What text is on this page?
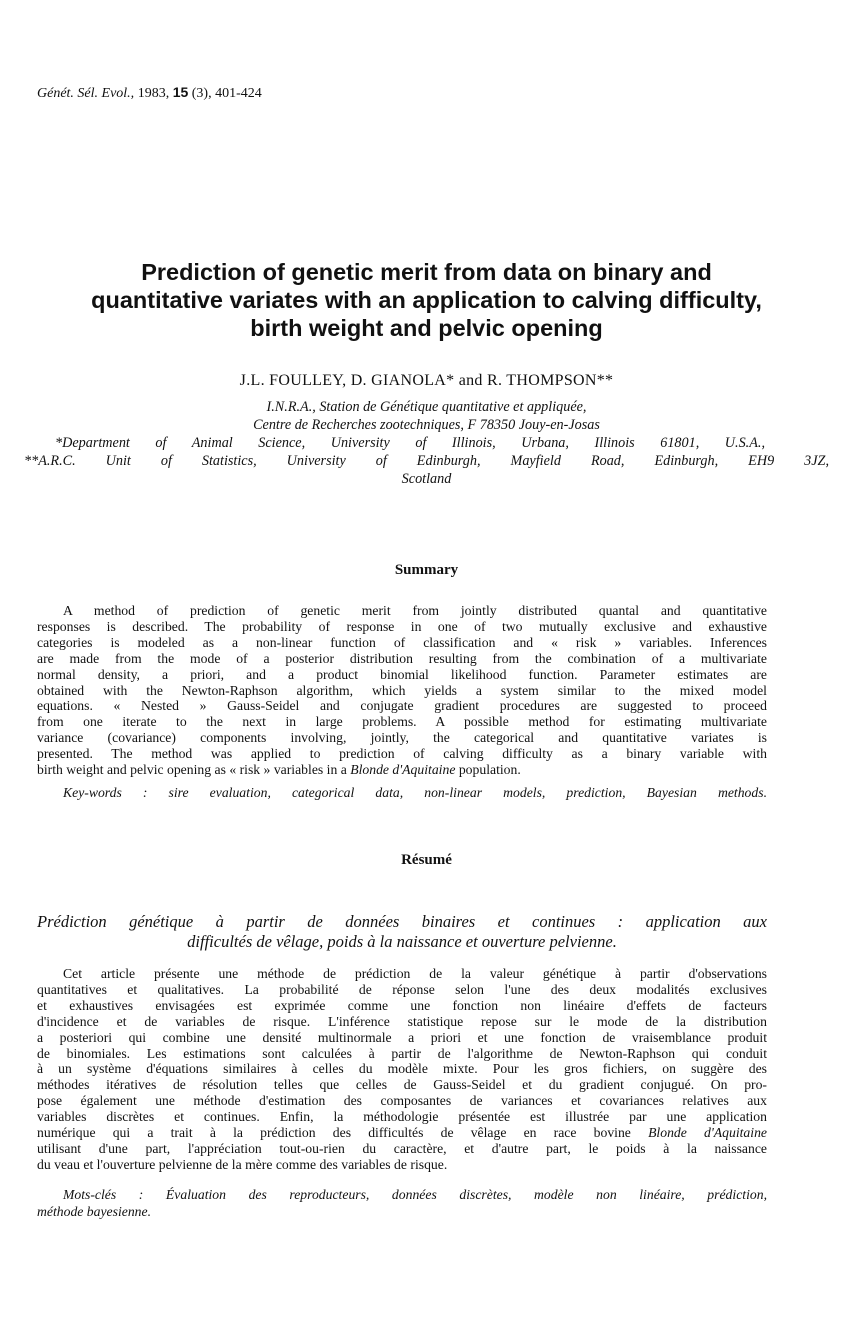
Génét. Sél. Evol., 1983, 15 (3), 401-424
Prediction of genetic merit from data on binary and
quantitative variates with an application to calving difficulty,
birth weight and pelvic opening
J.L. FOULLEY, D. GIANOLA* and R. THOMPSON**
I.N.R.A., Station de Génétique quantitative et appliquée,
Centre de Recherches zootechniques, F 78350 Jouy-en-Josas
*Department of Animal Science, University of Illinois, Urbana, Illinois 61801, U.S.A.,
**A.R.C. Unit of Statistics, University of Edinburgh, Mayfield Road, Edinburgh, EH9 3JZ,
Scotland
Summary
A method of prediction of genetic merit from jointly distributed quantal and quantitative
responses is described. The probability of response in one of two mutually exclusive and exhaustive
categories is modeled as a non-linear function of classification and « risk » variables. Inferences
are made from the mode of a posterior distribution resulting from the combination of a multivariate
normal density, a priori, and a product binomial likelihood function. Parameter estimates are
obtained with the Newton-Raphson algorithm, which yields a system similar to the mixed model
equations. « Nested » Gauss-Seidel and conjugate gradient procedures are suggested to proceed
from one iterate to the next in large problems. A possible method for estimating multivariate
variance (covariance) components involving, jointly, the categorical and quantitative variates is
presented. The method was applied to prediction of calving difficulty as a binary variable with
birth weight and pelvic opening as « risk » variables in a Blonde d'Aquitaine population.
Key-words : sire evaluation, categorical data, non-linear models, prediction, Bayesian methods.
Résumé
Prédiction génétique à partir de données binaires et continues : application aux
difficultés de vêlage, poids à la naissance et ouverture pelvienne.
Cet article présente une méthode de prédiction de la valeur génétique à partir d'observations
quantitatives et qualitatives. La probabilité de réponse selon l'une des deux modalités exclusives
et exhaustives envisagées est exprimée comme une fonction non linéaire d'effets de facteurs
d'incidence et de variables de risque. L'inférence statistique repose sur le mode de la distribution
a posteriori qui combine une densité multinormale a priori et une fonction de vraisemblance produit
de binomiales. Les estimations sont calculées à partir de l'algorithme de Newton-Raphson qui conduit
à un système d'équations similaires à celles du modèle mixte. Pour les gros fichiers, on suggère des
méthodes itératives de résolution telles que celles de Gauss-Seidel et du gradient conjugué. On pro-
pose également une méthode d'estimation des composantes de variances et covariances relatives aux
variables discrètes et continues. Enfin, la méthodologie présentée est illustrée par une application
numérique qui a trait à la prédiction des difficultés de vêlage en race bovine Blonde d'Aquitaine
utilisant d'une part, l'appréciation tout-ou-rien du caractère, et d'autre part, le poids à la naissance
du veau et l'ouverture pelvienne de la mère comme des variables de risque.
Mots-clés : Évaluation des reproducteurs, données discrètes, modèle non linéaire, prédiction,
méthode bayesienne.
